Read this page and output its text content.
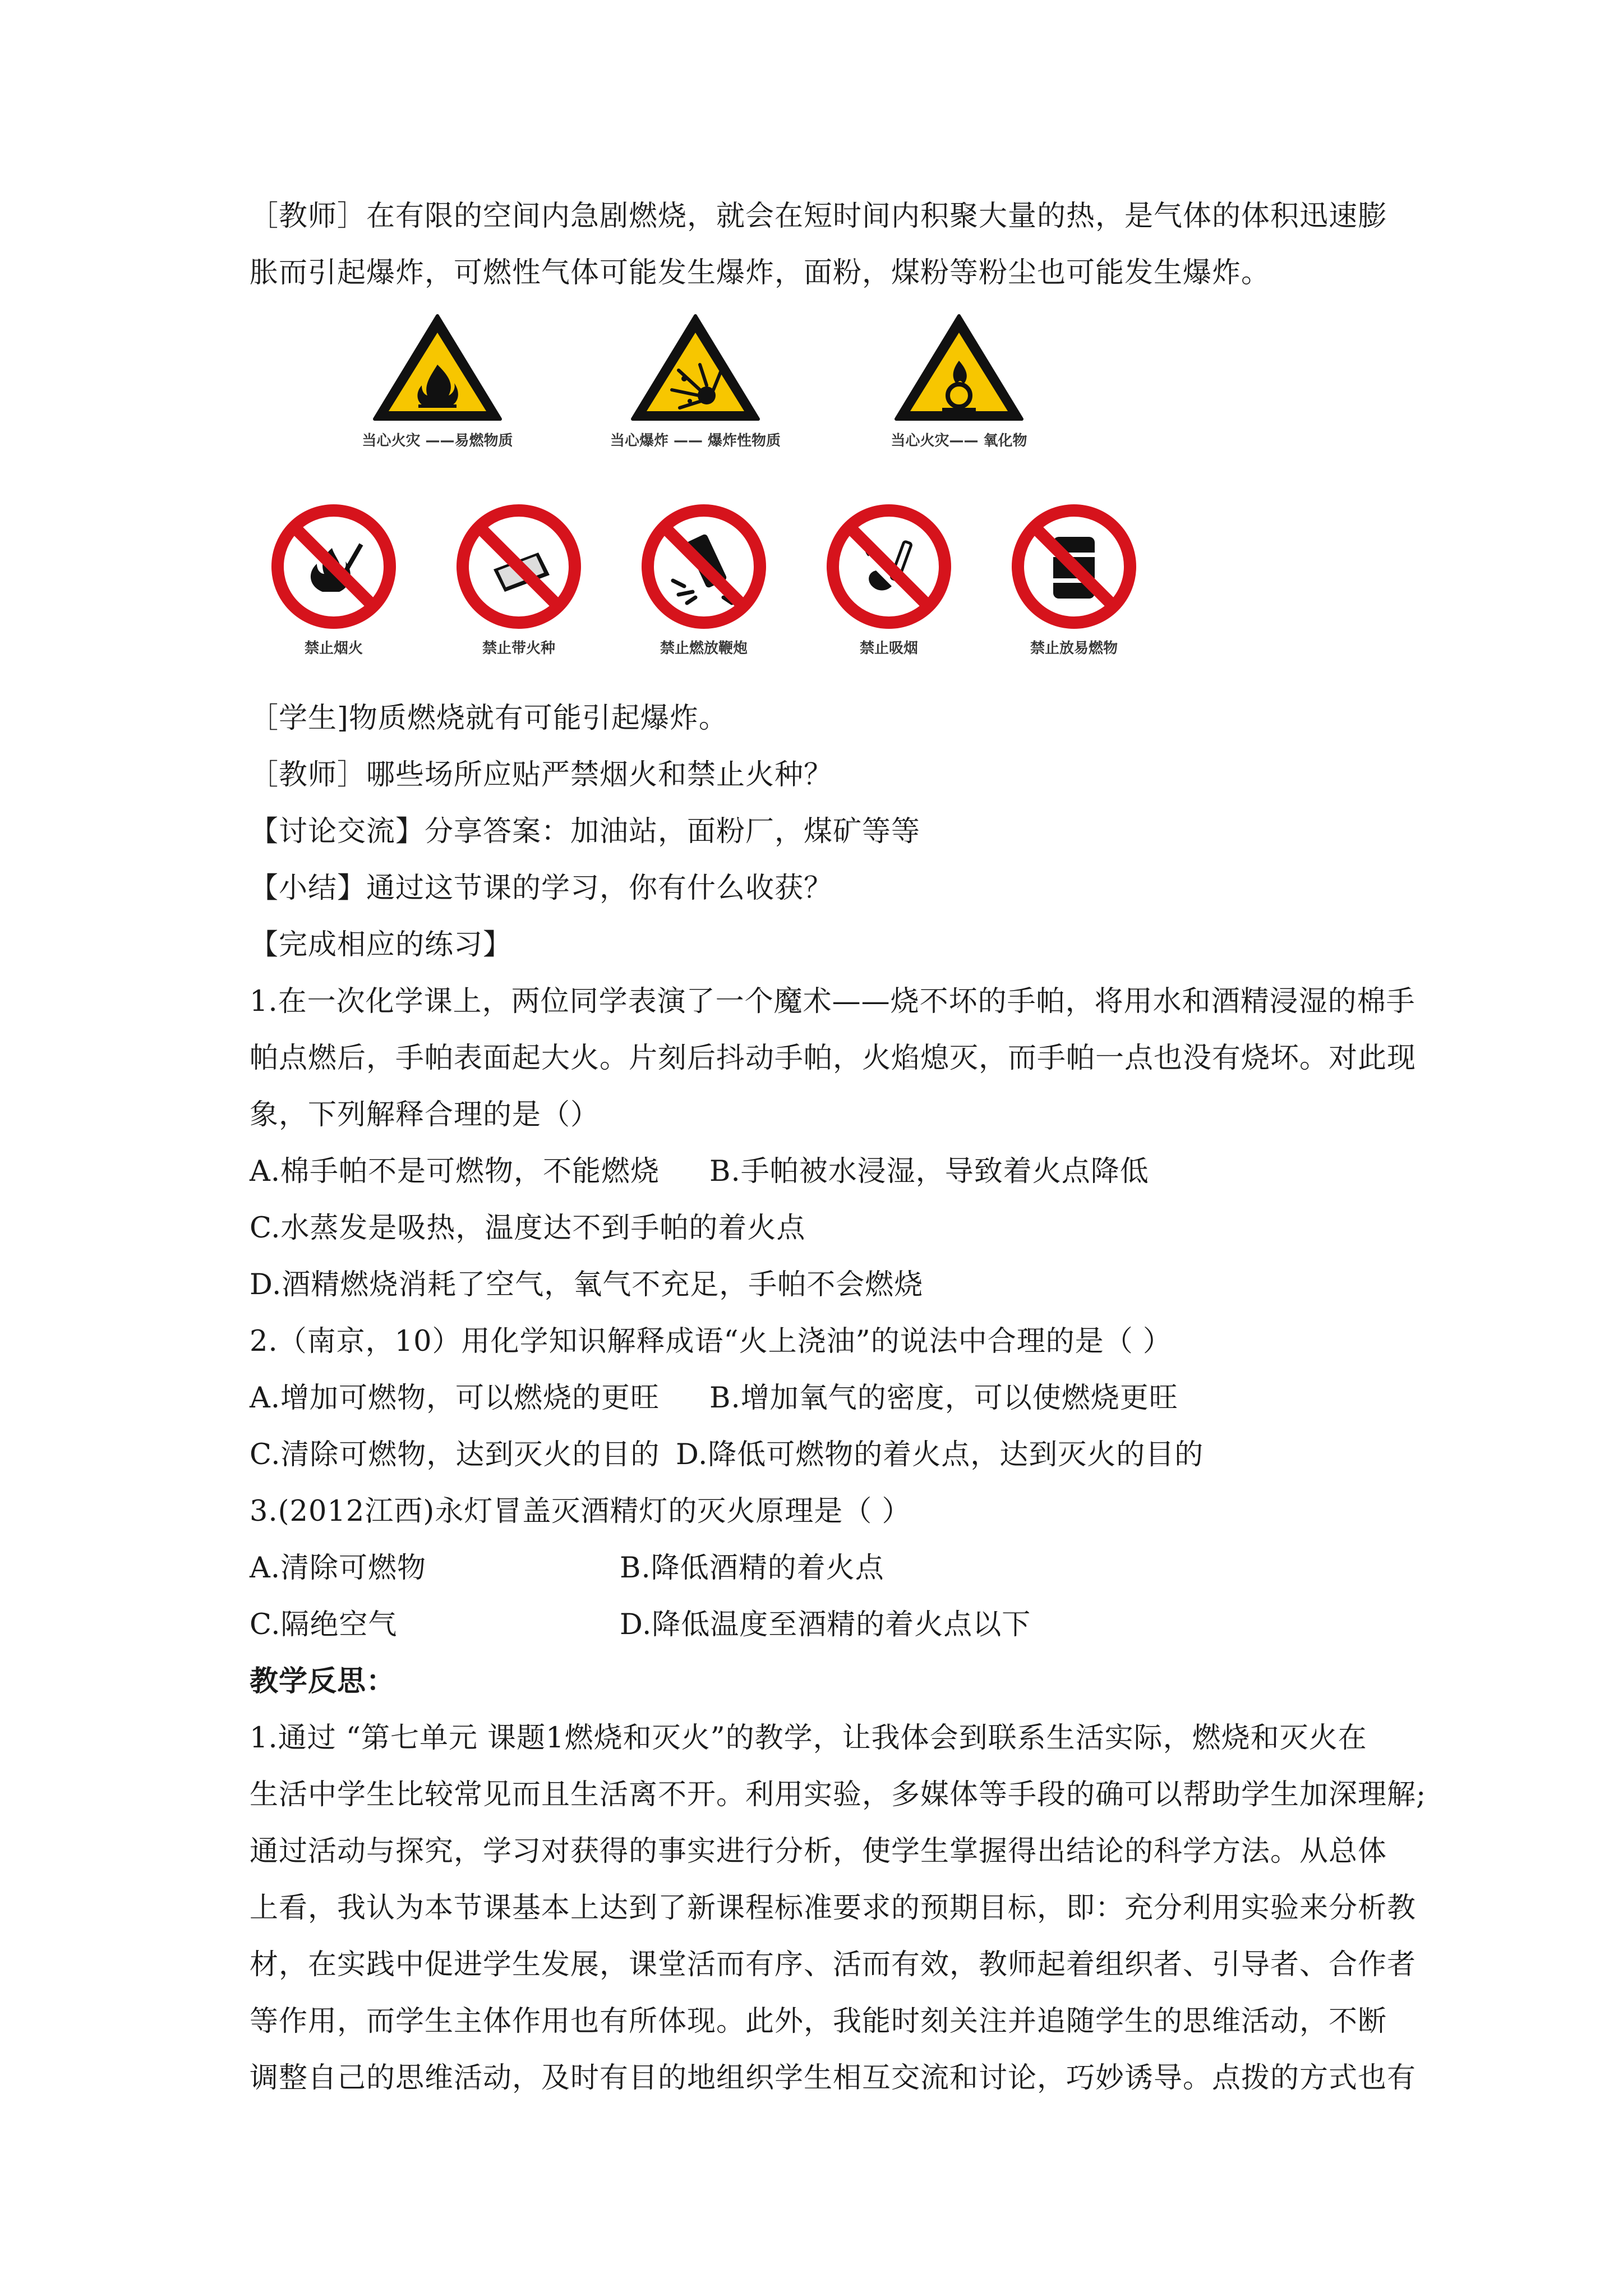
［教师］在有限的空间内急剧燃烧，就会在短时间内积聚大量的热，是气体的体积迅速膨

胀而引起爆炸，可燃性气体可能发生爆炸，面粉，煤粉等粉尘也可能发生爆炸。

当心火灾 ——易燃物质	当心爆炸 —— 爆炸性物质	当心火灾—— 氧化物
禁止烟火	禁止带火种	禁止燃放鞭炮	禁止吸烟	禁止放易燃物

［学生]物质燃烧就有可能引起爆炸。

［教师］哪些场所应贴严禁烟火和禁止火种？

【讨论交流】分享答案：加油站，面粉厂，煤矿等等

【小结】通过这节课的学习，你有什么收获？

【完成相应的练习】

1.在一次化学课上，两位同学表演了一个魔术——烧不坏的手帕，将用水和酒精浸湿的棉手

帕点燃后，手帕表面起大火。片刻后抖动手帕，火焰熄灭，而手帕一点也没有烧坏。对此现

象，下列解释合理的是（）

A.棉手帕不是可燃物，不能燃烧	B.手帕被水浸湿，导致着火点降低

C.水蒸发是吸热，温度达不到手帕的着火点

D.酒精燃烧消耗了空气，氧气不充足，手帕不会燃烧

2.（南京，10）用化学知识解释成语“火上浇油”的说法中合理的是（ ）

A.增加可燃物，可以燃烧的更旺	B.增加氧气的密度，可以使燃烧更旺
C.清除可燃物，达到灭火的目的 D.降低可燃物的着火点，达到灭火的目的

3.(2012江西)永灯冒盖灭酒精灯的灭火原理是（ ）

A.清除可燃物	B.降低酒精的着火点
C.隔绝空气	D.降低温度至酒精的着火点以下

教学反思：

1.通过 “第七单元 课题1燃烧和灭火”的教学，让我体会到联系生活实际，燃烧和灭火在

生活中学生比较常见而且生活离不开。利用实验，多媒体等手段的确可以帮助学生加深理解;

通过活动与探究，学习对获得的事实进行分析，使学生掌握得出结论的科学方法。从总体

上看，我认为本节课基本上达到了新课程标准要求的预期目标，即：充分利用实验来分析教

材，在实践中促进学生发展，课堂活而有序、活而有效，教师起着组织者、引导者、合作者

等作用，而学生主体作用也有所体现。此外，我能时刻关注并追随学生的思维活动，不断

调整自己的思维活动，及时有目的地组织学生相互交流和讨论，巧妙诱导。点拨的方式也有
